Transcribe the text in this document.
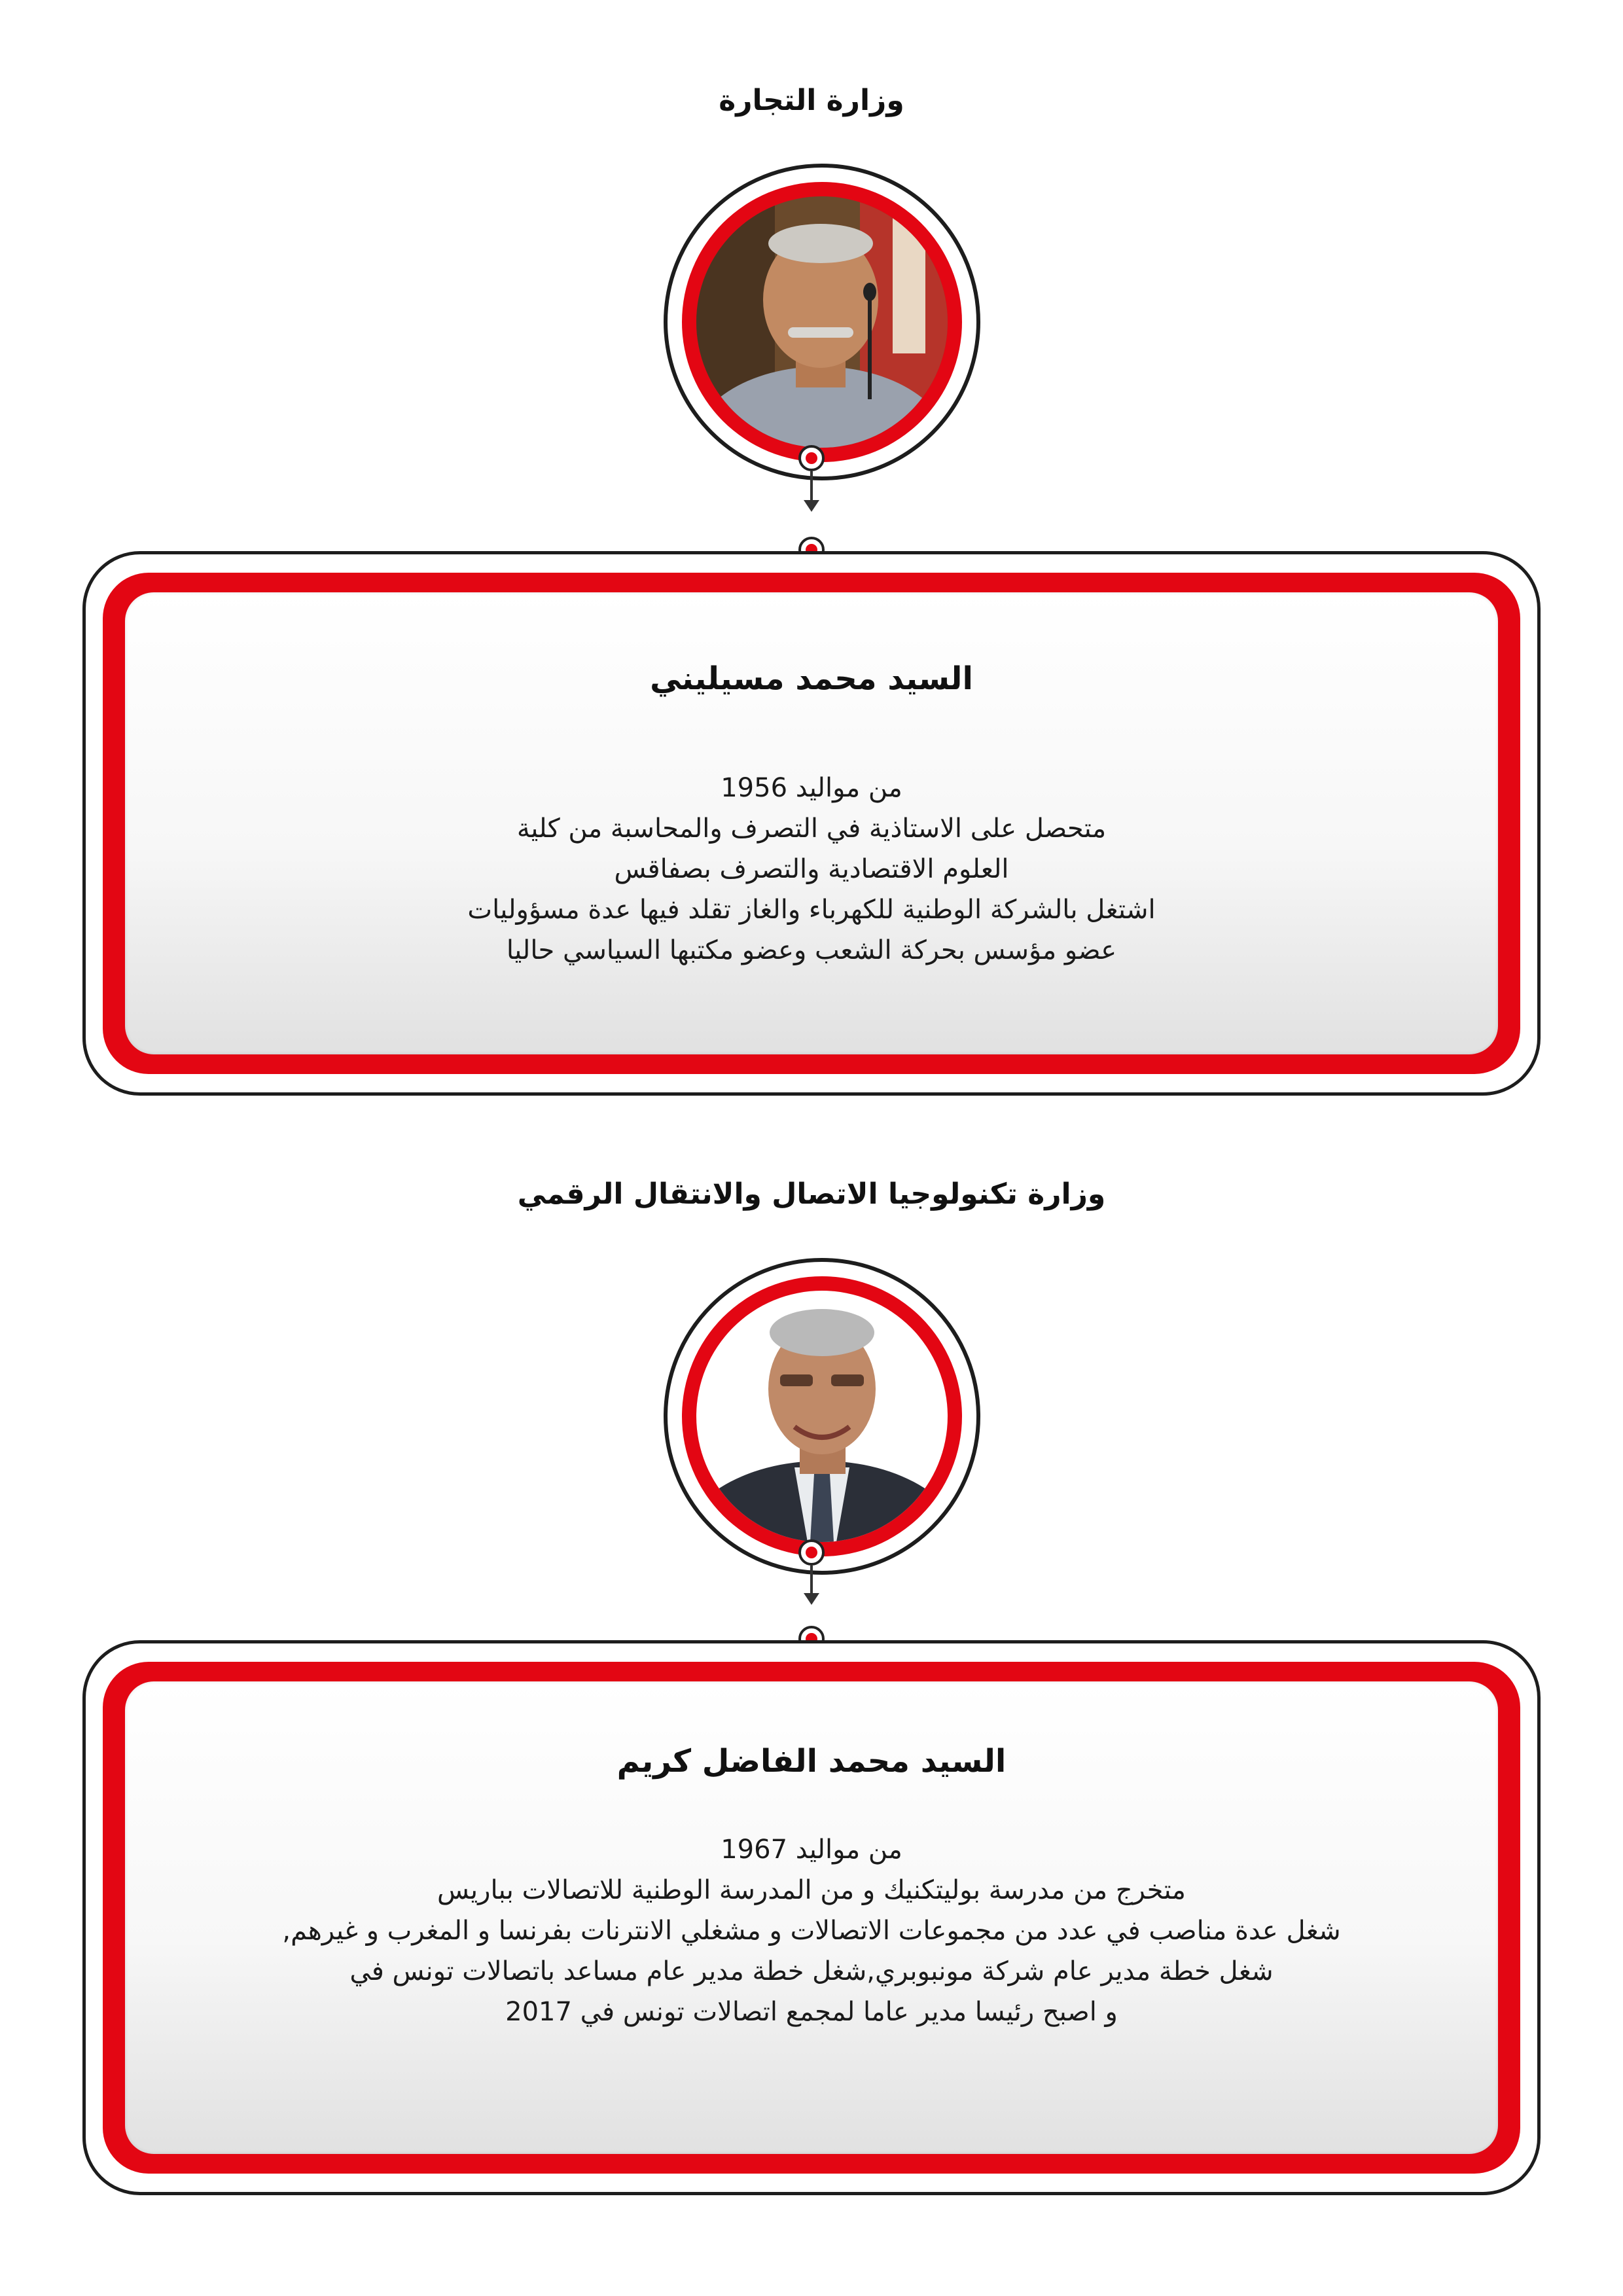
وزارة التجارة
السيد محمد مسيليني
من مواليد 1956
متحصل على الاستاذية في التصرف والمحاسبة من كلية
العلوم الاقتصادية والتصرف بصفاقس
اشتغل بالشركة الوطنية للكهرباء والغاز تقلد فيها عدة مسؤوليات
عضو مؤسس بحركة الشعب وعضو مكتبها السياسي حاليا
وزارة تكنولوجيا الاتصال والانتقال الرقمي
السيد محمد الفاضل كريم
من مواليد 1967
متخرج من مدرسة بوليتكنيك و من المدرسة الوطنية للاتصالات بباريس
شغل عدة مناصب في عدد من مجموعات الاتصالات و مشغلي الانترنات بفرنسا و المغرب و غيرهم,
شغل خطة مدير عام شركة مونبوبري,شغل خطة مدير عام مساعد باتصالات تونس في
و اصبح رئيسا مدير عاما لمجمع اتصالات تونس في 2017
